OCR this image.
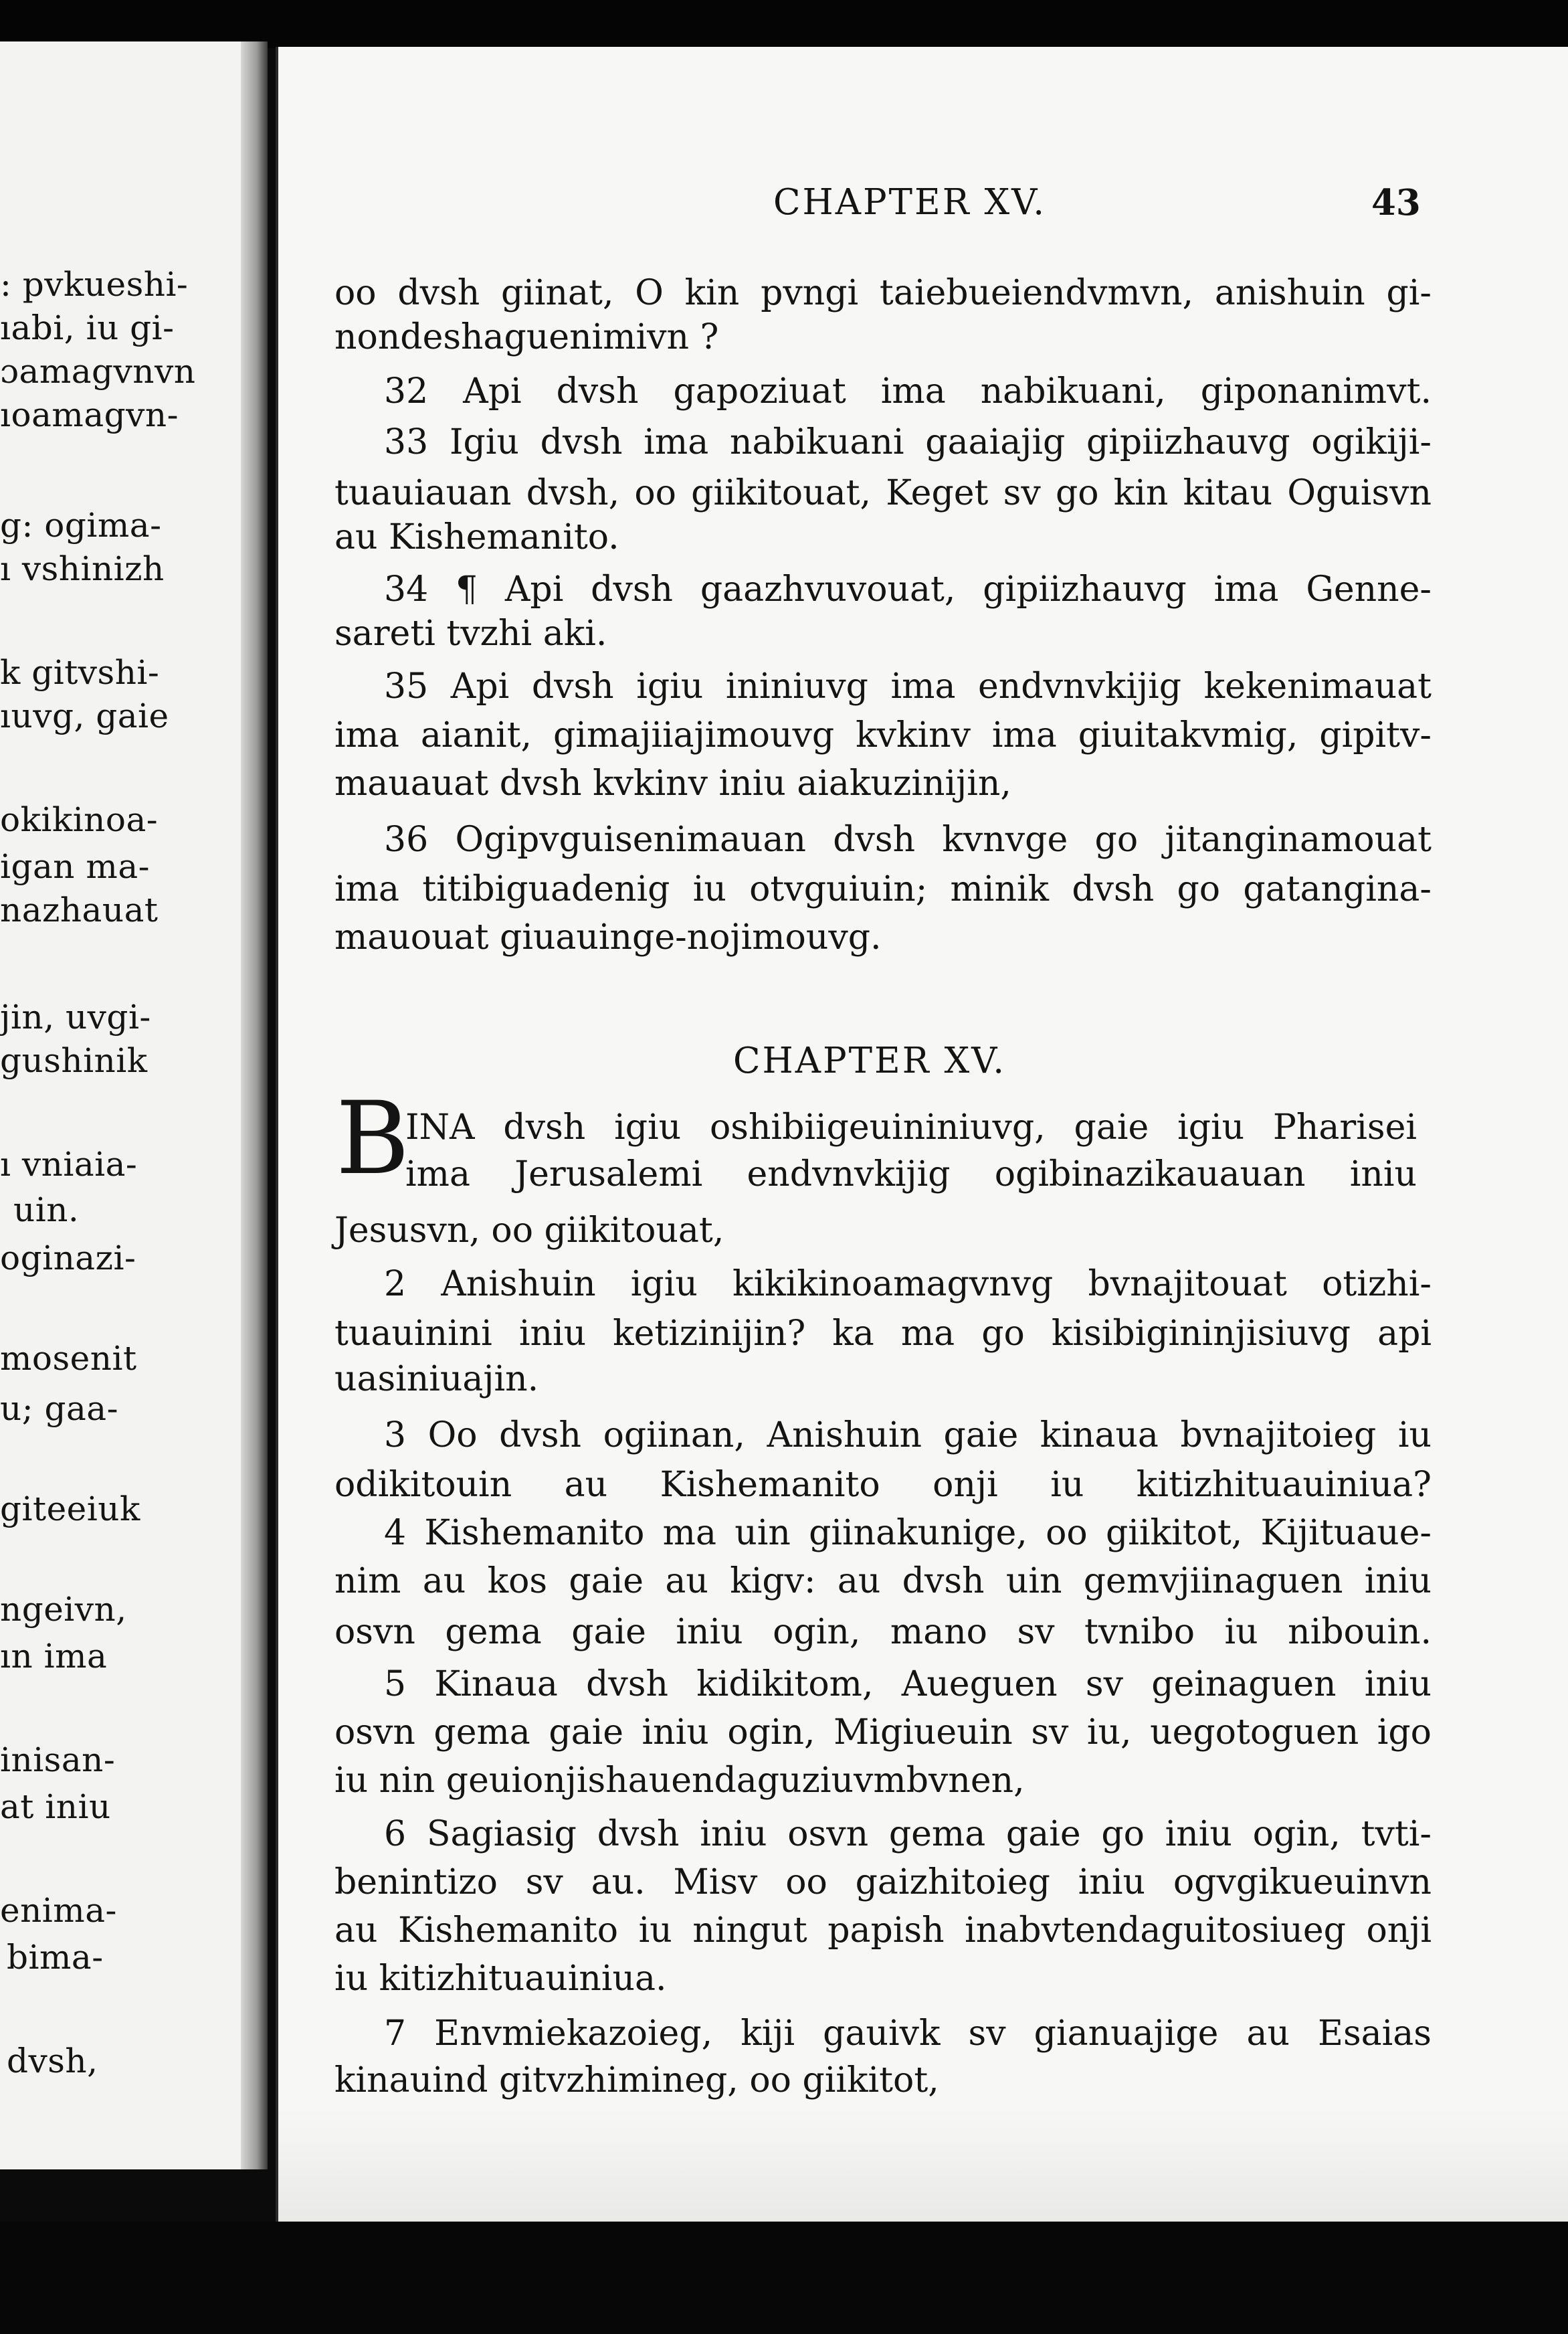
: pvkueshi-

ıabi, iu gi-

ɔamagvnvn

ıoamagvn-

g: ogima-

ı vshinizh

k gitvshi-

ıuvg, gaie

okikinoa-

igan ma-

nazhauat

jin, uvgi-

gushinik

ı vniaia-

uin.

oginazi-

mosenit

u; gaa-

giteeiuk

ngeivn,

ın ima

inisan-

at iniu

enima-

bima-

dvsh,

CHAPTER XV.	43

oo dvsh giinat, O kin pvngi taiebueiendvmvn, anishuin gi-

nondeshaguenimivn ?

32 Api dvsh gapoziuat ima nabikuani, giponanimvt.

33 Igiu dvsh ima nabikuani gaaiajig gipiizhauvg ogikiji-

tuauiauan dvsh, oo giikitouat, Keget sv go kin kitau Oguisvn

au Kishemanito.

34 ¶ Api dvsh gaazhvuvouat, gipiizhauvg ima Genne-

sareti tvzhi aki.

35 Api dvsh igiu ininiuvg ima endvnvkijig kekenimauat

ima aianit, gimajiiajimouvg kvkinv ima giuitakvmig, gipitv-

mauauat dvsh kvkinv iniu aiakuzinijin,

36 Ogipvguisenimauan dvsh kvnvge go jitanginamouat

ima titibiguadenig iu otvguiuin; minik dvsh go gatangina-

mauouat giuauinge-nojimouvg.

CHAPTER XV.
B

INA dvsh igiu oshibiigeuininiuvg, gaie igiu Pharisei

ima Jerusalemi endvnvkijig ogibinazikauauan iniu

Jesusvn, oo giikitouat,

2 Anishuin igiu kikikinoamagvnvg bvnajitouat otizhi-

tuauinini iniu ketizinijin? ka ma go kisibigininjisiuvg api

uasiniuajin.

3 Oo dvsh ogiinan, Anishuin gaie kinaua bvnajitoieg iu

odikitouin au Kishemanito onji iu kitizhituauiniua?

4 Kishemanito ma uin giinakunige, oo giikitot, Kijituaue-

nim au kos gaie au kigv: au dvsh uin gemvjiinaguen iniu

osvn gema gaie iniu ogin, mano sv tvnibo iu nibouin.

5 Kinaua dvsh kidikitom, Aueguen sv geinaguen iniu

osvn gema gaie iniu ogin, Migiueuin sv iu, uegotoguen igo

iu nin geuionjishauendaguziuvmbvnen,

6 Sagiasig dvsh iniu osvn gema gaie go iniu ogin, tvti-

benintizo sv au. Misv oo gaizhitoieg iniu ogvgikueuinvn

au Kishemanito iu ningut papish inabvtendaguitosiueg onji

iu kitizhituauiniua.

7 Envmiekazoieg, kiji gauivk sv gianuajige au Esaias

kinauind gitvzhimineg, oo giikitot,
